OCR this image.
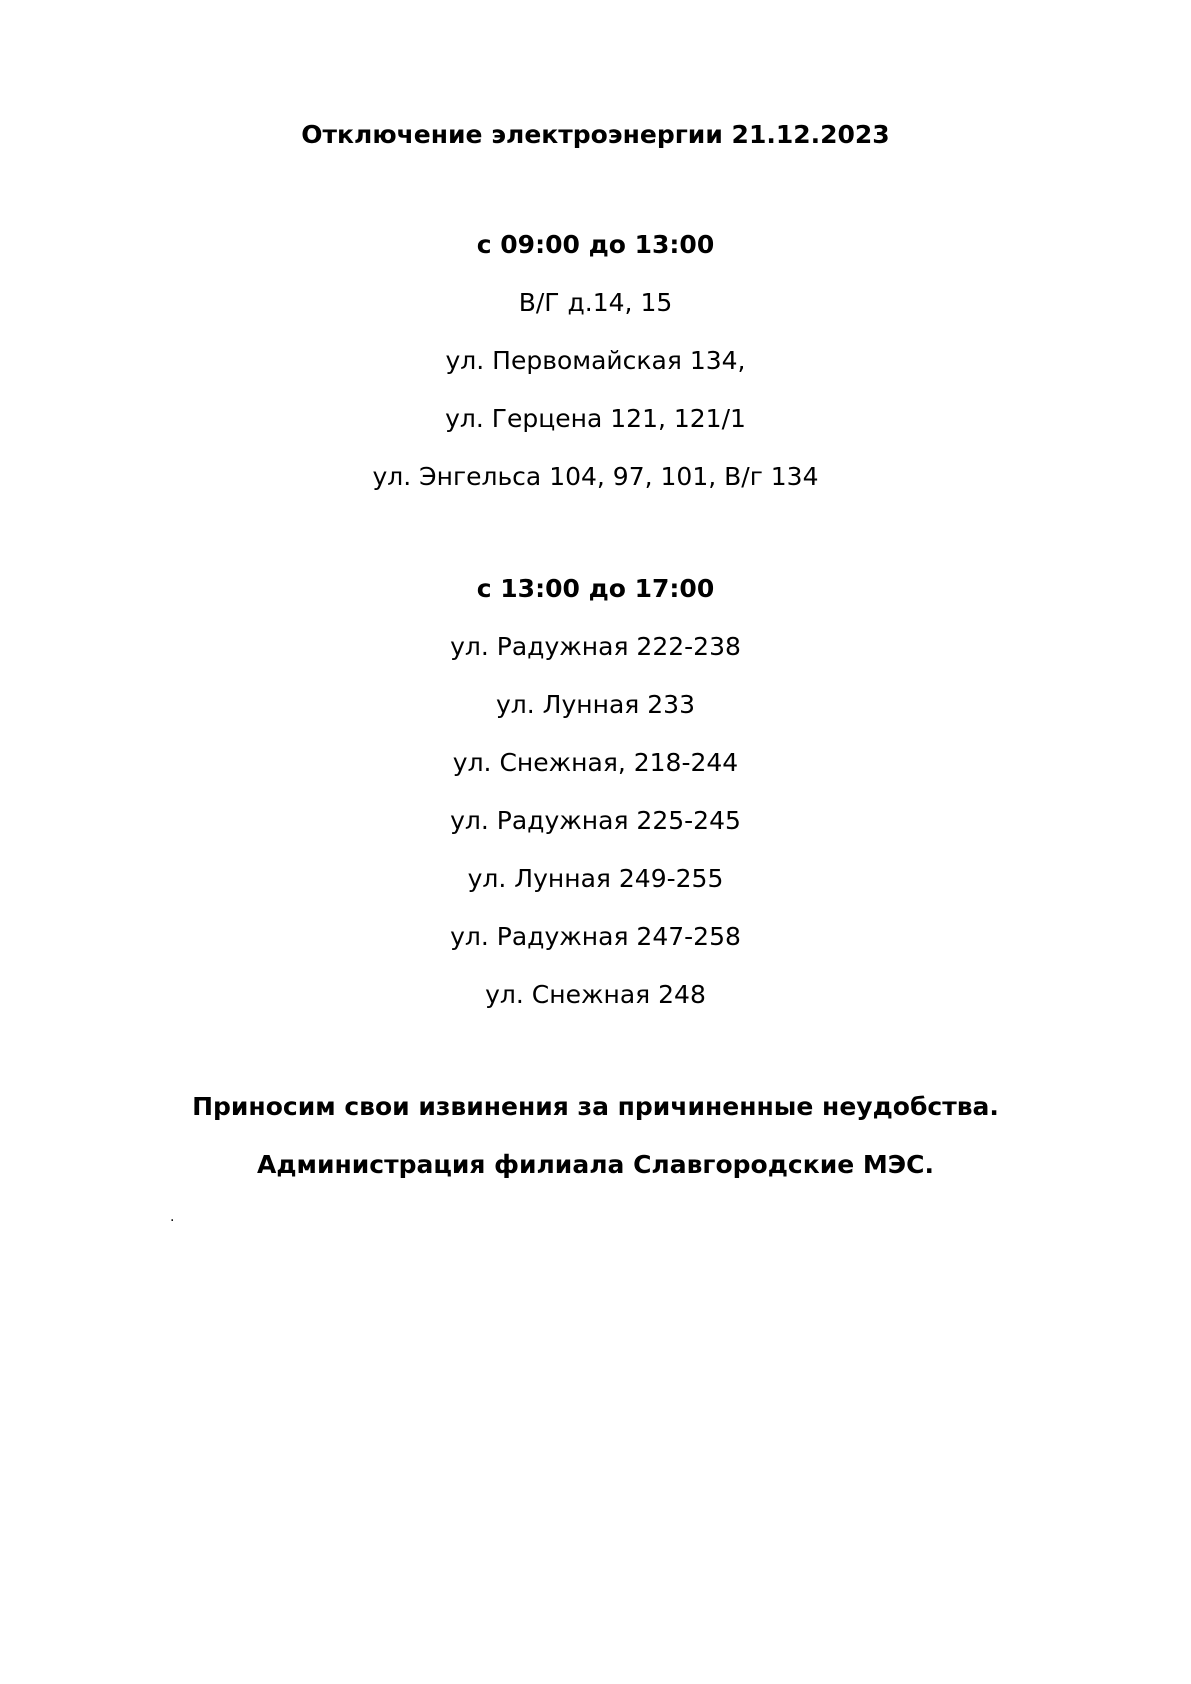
Отключение электроэнергии 21.12.2023
с 09:00 до 13:00
В/Г д.14, 15
ул. Первомайская 134,
ул. Герцена 121, 121/1
ул. Энгельса 104, 97, 101, В/г 134
с 13:00 до 17:00
ул. Радужная 222-238
ул. Лунная 233
ул. Снежная, 218-244
ул. Радужная 225-245
ул. Лунная 249-255
ул. Радужная 247-258
ул. Снежная 248
Приносим свои извинения за причиненные неудобства.
Администрация филиала Славгородские МЭС.
.
